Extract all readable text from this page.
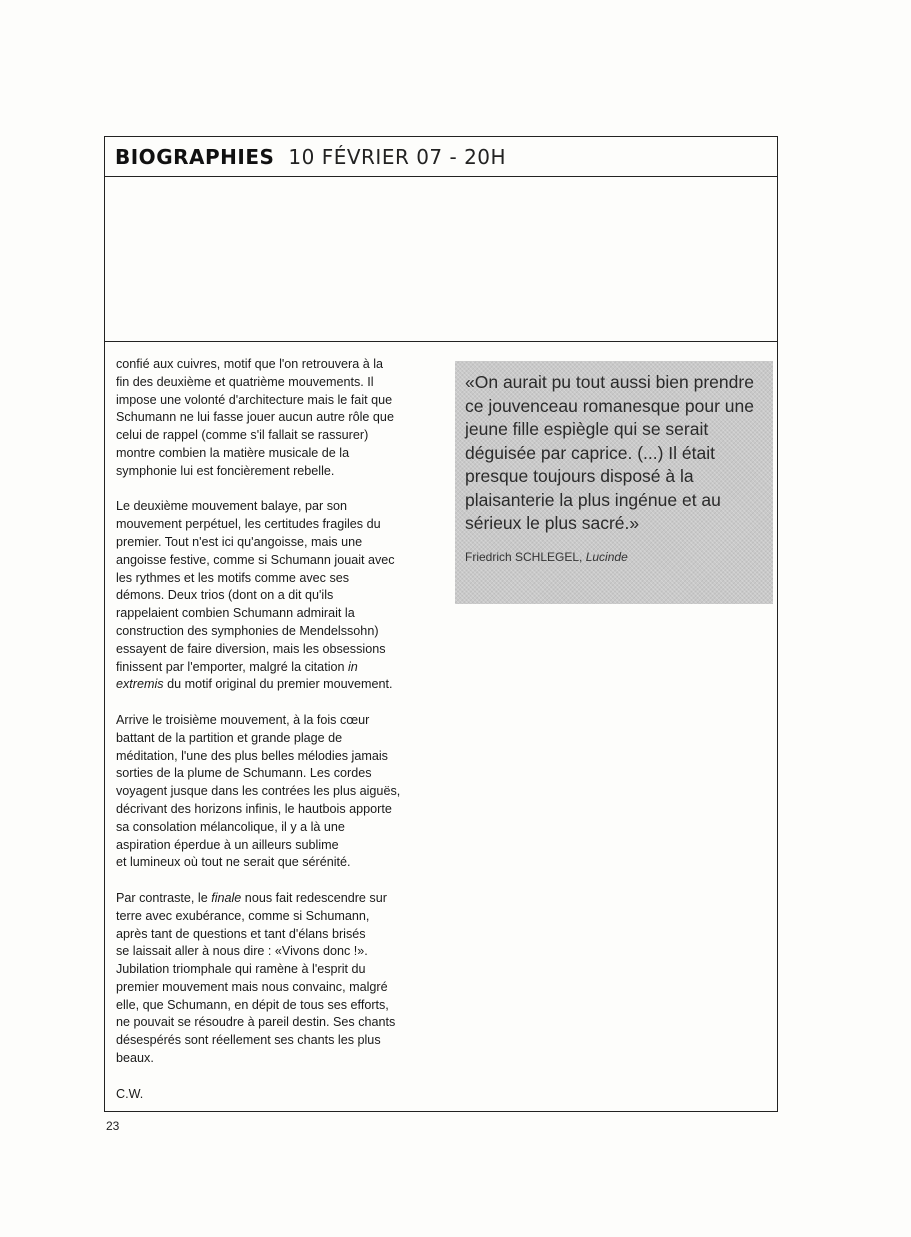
BIOGRAPHIES 10 FÉVRIER 07 - 20H
confié aux cuivres, motif que l'on retrouvera à la
fin des deuxième et quatrième mouvements. Il
impose une volonté d'architecture mais le fait que
Schumann ne lui fasse jouer aucun autre rôle que
celui de rappel (comme s'il fallait se rassurer)
montre combien la matière musicale de la
symphonie lui est foncièrement rebelle.
Le deuxième mouvement balaye, par son
mouvement perpétuel, les certitudes fragiles du
premier. Tout n'est ici qu'angoisse, mais une
angoisse festive, comme si Schumann jouait avec
les rythmes et les motifs comme avec ses
démons. Deux trios (dont on a dit qu'ils
rappelaient combien Schumann admirait la
construction des symphonies de Mendelssohn)
essayent de faire diversion, mais les obsessions
finissent par l'emporter, malgré la citation in
extremis du motif original du premier mouvement.
Arrive le troisième mouvement, à la fois cœur
battant de la partition et grande plage de
méditation, l'une des plus belles mélodies jamais
sorties de la plume de Schumann. Les cordes
voyagent jusque dans les contrées les plus aiguës,
décrivant des horizons infinis, le hautbois apporte
sa consolation mélancolique, il y a là une
aspiration éperdue à un ailleurs sublime
et lumineux où tout ne serait que sérénité.
Par contraste, le finale nous fait redescendre sur
terre avec exubérance, comme si Schumann,
après tant de questions et tant d'élans brisés
se laissait aller à nous dire : «Vivons donc !».
Jubilation triomphale qui ramène à l'esprit du
premier mouvement mais nous convainc, malgré
elle, que Schumann, en dépit de tous ses efforts,
ne pouvait se résoudre à pareil destin. Ses chants
désespérés sont réellement ses chants les plus
beaux.
C.W.
«On aurait pu tout aussi bien prendre ce jouvenceau romanesque pour une jeune fille espiègle qui se serait déguisée par caprice. (...) Il était presque toujours disposé à la plaisanterie la plus ingénue et au sérieux le plus sacré.»
Friedrich SCHLEGEL, Lucinde
23
